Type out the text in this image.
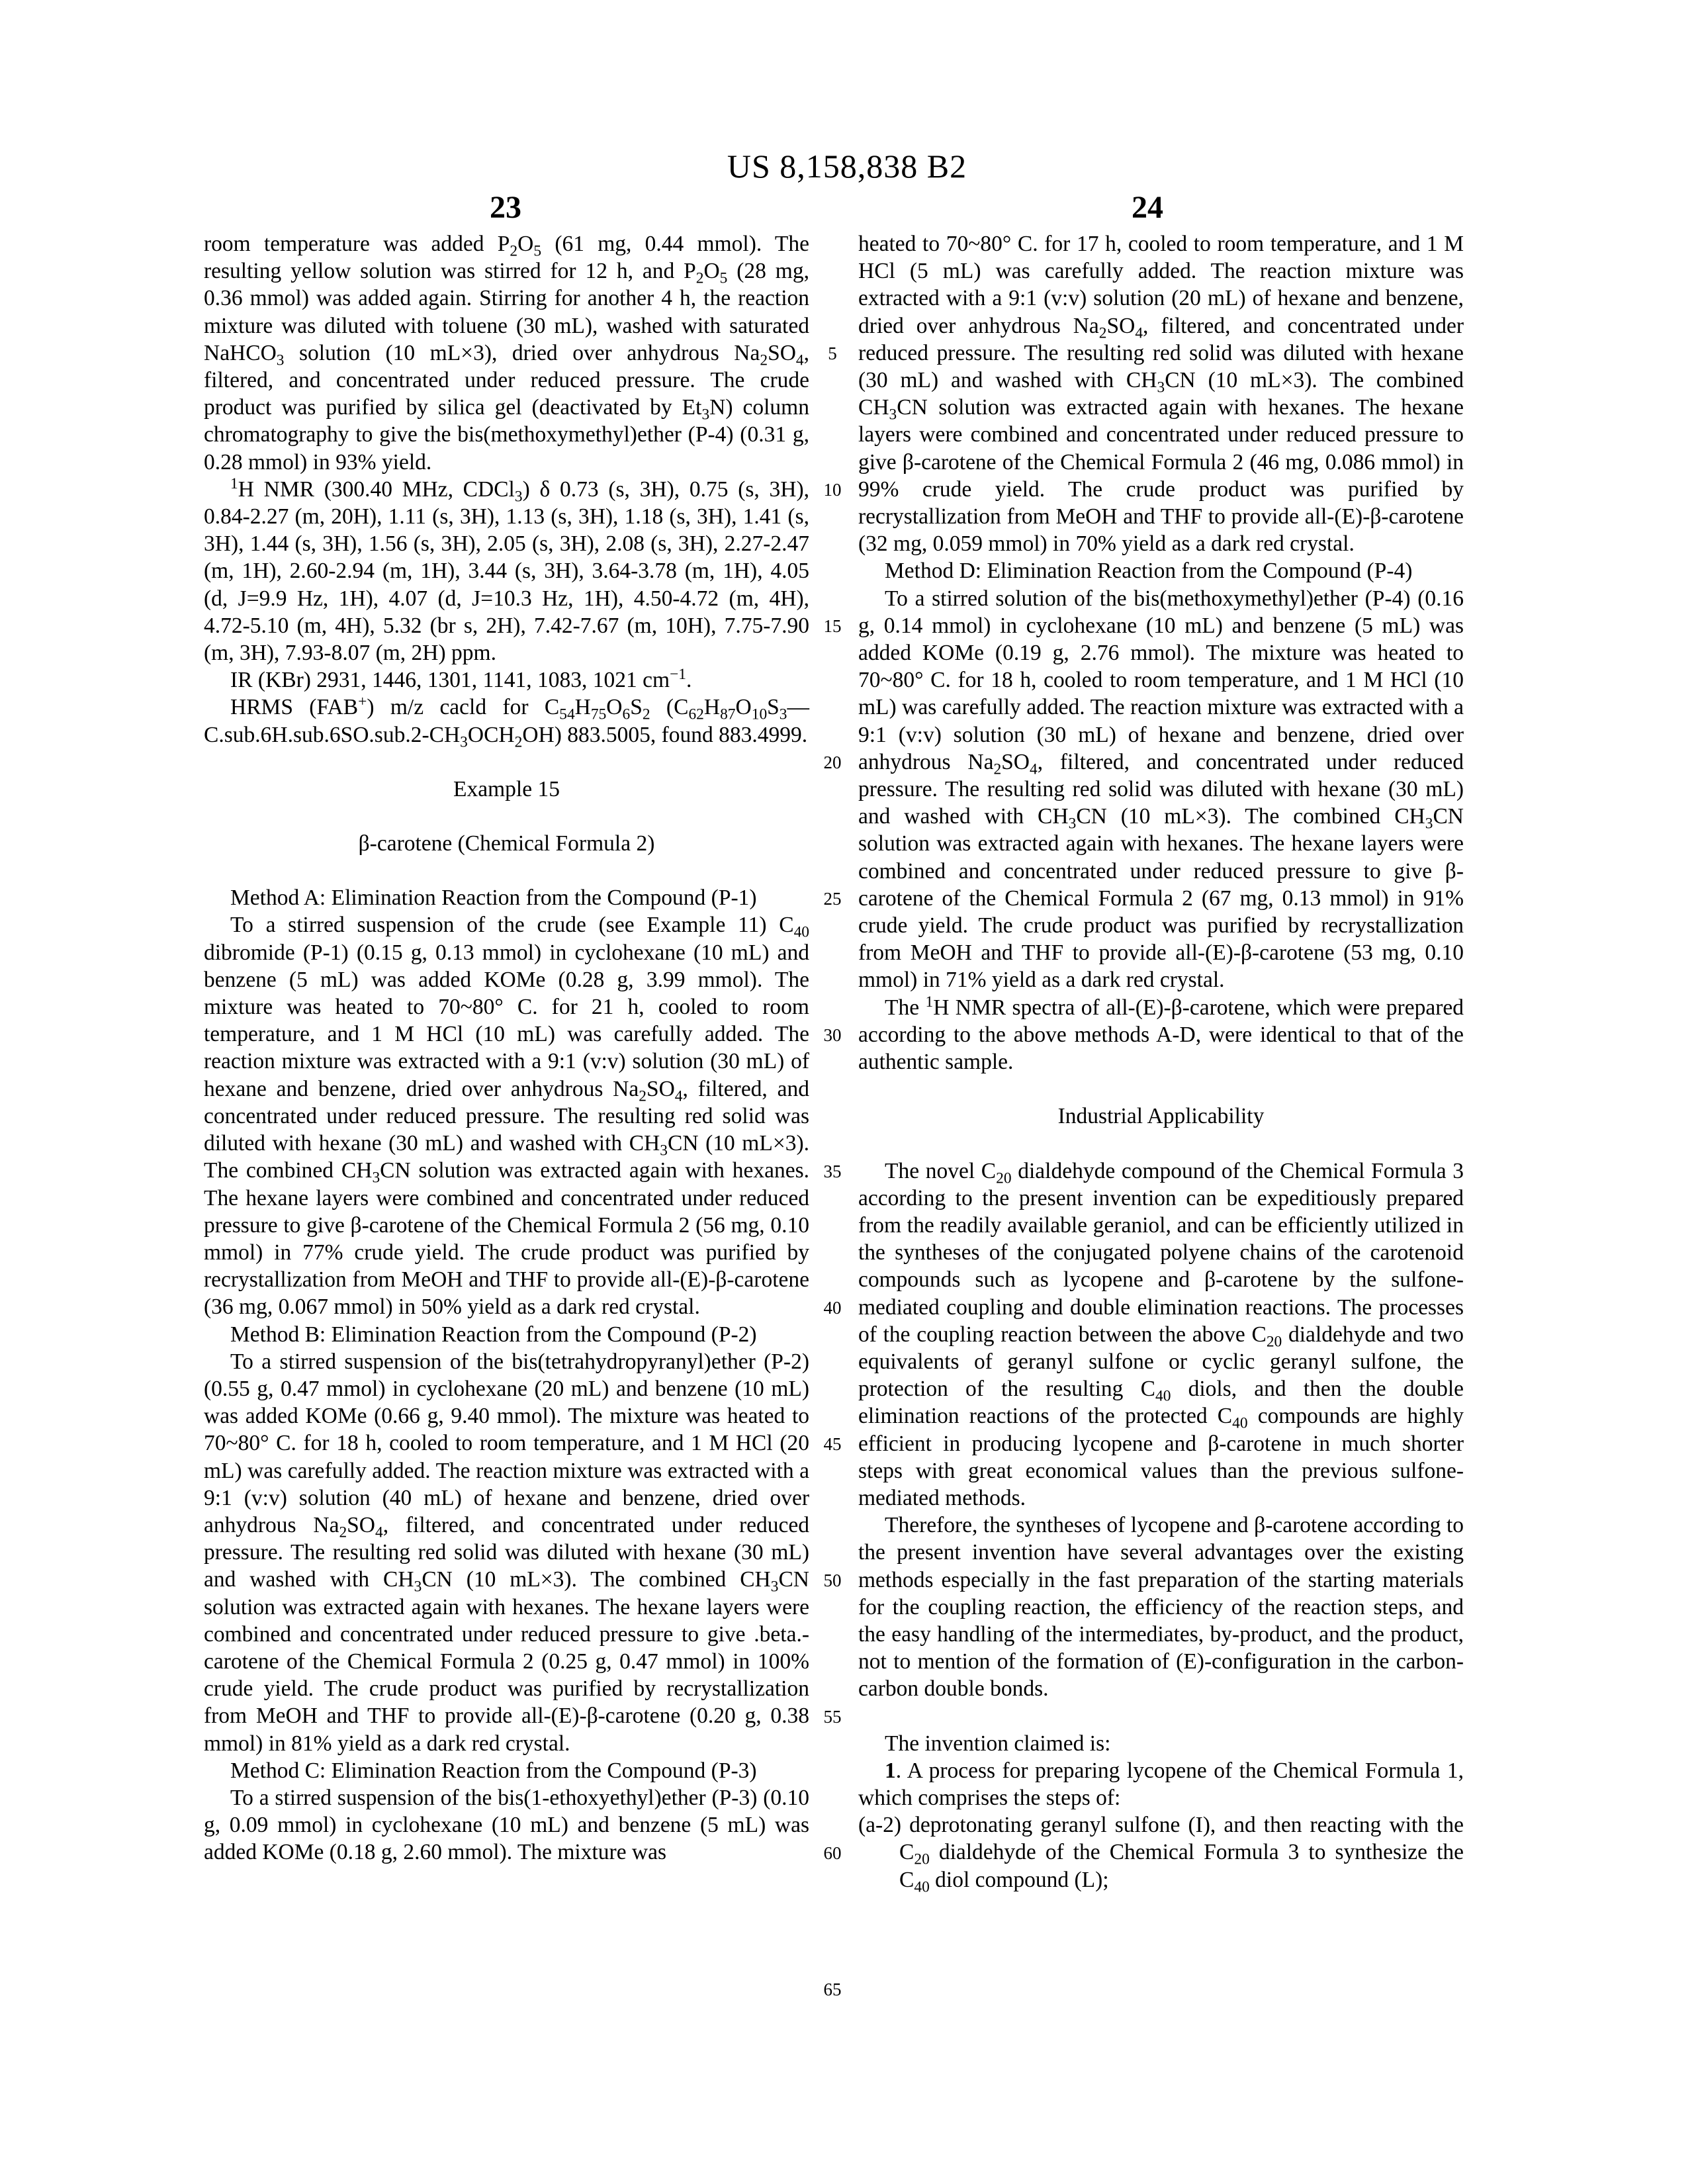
US 8,158,838 B2
23	24

room temperature was added P2O5 (61 mg, 0.44 mmol). The resulting yellow solution was stirred for 12 h, and P2O5 (28 mg, 0.36 mmol) was added again. Stirring for another 4 h, the reaction mixture was diluted with toluene (30 mL), washed with saturated NaHCO3 solution (10 mL×3), dried over anhydrous Na2SO4, filtered, and concentrated under reduced pressure. The crude product was purified by silica gel (deactivated by Et3N) column chromatography to give the bis(methoxymethyl)ether (P-4) (0.31 g, 0.28 mmol) in 93% yield.

1H NMR (300.40 MHz, CDCl3) δ 0.73 (s, 3H), 0.75 (s, 3H), 0.84-2.27 (m, 20H), 1.11 (s, 3H), 1.13 (s, 3H), 1.18 (s, 3H), 1.41 (s, 3H), 1.44 (s, 3H), 1.56 (s, 3H), 2.05 (s, 3H), 2.08 (s, 3H), 2.27-2.47 (m, 1H), 2.60-2.94 (m, 1H), 3.44 (s, 3H), 3.64-3.78 (m, 1H), 4.05 (d, J=9.9 Hz, 1H), 4.07 (d, J=10.3 Hz, 1H), 4.50-4.72 (m, 4H), 4.72-5.10 (m, 4H), 5.32 (br s, 2H), 7.42-7.67 (m, 10H), 7.75-7.90 (m, 3H), 7.93-8.07 (m, 2H) ppm.

IR (KBr) 2931, 1446, 1301, 1141, 1083, 1021 cm−1.

HRMS (FAB+) m/z cacld for C54H75O6S2 (C62H87O10S3—C.sub.6H.sub.6SO.sub.2-CH3OCH2OH) 883.5005, found 883.4999.

Example 15

β-carotene (Chemical Formula 2)

Method A: Elimination Reaction from the Compound (P-1)

To a stirred suspension of the crude (see Example 11) C40 dibromide (P-1) (0.15 g, 0.13 mmol) in cyclohexane (10 mL) and benzene (5 mL) was added KOMe (0.28 g, 3.99 mmol). The mixture was heated to 70~80° C. for 21 h, cooled to room temperature, and 1 M HCl (10 mL) was carefully added. The reaction mixture was extracted with a 9:1 (v:v) solution (30 mL) of hexane and benzene, dried over anhydrous Na2SO4, filtered, and concentrated under reduced pressure. The resulting red solid was diluted with hexane (30 mL) and washed with CH3CN (10 mL×3). The combined CH3CN solution was extracted again with hexanes. The hexane layers were combined and concentrated under reduced pressure to give β-carotene of the Chemical Formula 2 (56 mg, 0.10 mmol) in 77% crude yield. The crude product was purified by recrystallization from MeOH and THF to provide all-(E)-β-carotene (36 mg, 0.067 mmol) in 50% yield as a dark red crystal.

Method B: Elimination Reaction from the Compound (P-2)

To a stirred suspension of the bis(tetrahydropyranyl)ether (P-2) (0.55 g, 0.47 mmol) in cyclohexane (20 mL) and benzene (10 mL) was added KOMe (0.66 g, 9.40 mmol). The mixture was heated to 70~80° C. for 18 h, cooled to room temperature, and 1 M HCl (20 mL) was carefully added. The reaction mixture was extracted with a 9:1 (v:v) solution (40 mL) of hexane and benzene, dried over anhydrous Na2SO4, filtered, and concentrated under reduced pressure. The resulting red solid was diluted with hexane (30 mL) and washed with CH3CN (10 mL×3). The combined CH3CN solution was extracted again with hexanes. The hexane layers were combined and concentrated under reduced pressure to give .beta.-carotene of the Chemical Formula 2 (0.25 g, 0.47 mmol) in 100% crude yield. The crude product was purified by recrystallization from MeOH and THF to provide all-(E)-β-carotene (0.20 g, 0.38 mmol) in 81% yield as a dark red crystal.

Method C: Elimination Reaction from the Compound (P-3)

To a stirred suspension of the bis(1-ethoxyethyl)ether (P-3) (0.10 g, 0.09 mmol) in cyclohexane (10 mL) and benzene (5 mL) was added KOMe (0.18 g, 2.60 mmol). The mixture was

heated to 70~80° C. for 17 h, cooled to room temperature, and 1 M HCl (5 mL) was carefully added. The reaction mixture was extracted with a 9:1 (v:v) solution (20 mL) of hexane and benzene, dried over anhydrous Na2SO4, filtered, and concentrated under reduced pressure. The resulting red solid was diluted with hexane (30 mL) and washed with CH3CN (10 mL×3). The combined CH3CN solution was extracted again with hexanes. The hexane layers were combined and concentrated under reduced pressure to give β-carotene of the Chemical Formula 2 (46 mg, 0.086 mmol) in 99% crude yield. The crude product was purified by recrystallization from MeOH and THF to provide all-(E)-β-carotene (32 mg, 0.059 mmol) in 70% yield as a dark red crystal.

Method D: Elimination Reaction from the Compound (P-4)

To a stirred solution of the bis(methoxymethyl)ether (P-4) (0.16 g, 0.14 mmol) in cyclohexane (10 mL) and benzene (5 mL) was added KOMe (0.19 g, 2.76 mmol). The mixture was heated to 70~80° C. for 18 h, cooled to room temperature, and 1 M HCl (10 mL) was carefully added. The reaction mixture was extracted with a 9:1 (v:v) solution (30 mL) of hexane and benzene, dried over anhydrous Na2SO4, filtered, and concentrated under reduced pressure. The resulting red solid was diluted with hexane (30 mL) and washed with CH3CN (10 mL×3). The combined CH3CN solution was extracted again with hexanes. The hexane layers were combined and concentrated under reduced pressure to give β-carotene of the Chemical Formula 2 (67 mg, 0.13 mmol) in 91% crude yield. The crude product was purified by recrystallization from MeOH and THF to provide all-(E)-β-carotene (53 mg, 0.10 mmol) in 71% yield as a dark red crystal.

The 1H NMR spectra of all-(E)-β-carotene, which were prepared according to the above methods A-D, were identical to that of the authentic sample.

Industrial Applicability

The novel C20 dialdehyde compound of the Chemical Formula 3 according to the present invention can be expeditiously prepared from the readily available geraniol, and can be efficiently utilized in the syntheses of the conjugated polyene chains of the carotenoid compounds such as lycopene and β-carotene by the sulfone-mediated coupling and double elimination reactions. The processes of the coupling reaction between the above C20 dialdehyde and two equivalents of geranyl sulfone or cyclic geranyl sulfone, the protection of the resulting C40 diols, and then the double elimination reactions of the protected C40 compounds are highly efficient in producing lycopene and β-carotene in much shorter steps with great economical values than the previous sulfone-mediated methods.

Therefore, the syntheses of lycopene and β-carotene according to the present invention have several advantages over the existing methods especially in the fast preparation of the starting materials for the coupling reaction, the efficiency of the reaction steps, and the easy handling of the intermediates, by-product, and the product, not to mention of the formation of (E)-configuration in the carbon-carbon double bonds.

The invention claimed is:

1. A process for preparing lycopene of the Chemical Formula 1, which comprises the steps of:

(a-2) deprotonating geranyl sulfone (I), and then reacting with the C20 dialdehyde of the Chemical Formula 3 to synthesize the C40 diol compound (L);

5
10
15
20
25
30
35
40
45
50
55
60
65
